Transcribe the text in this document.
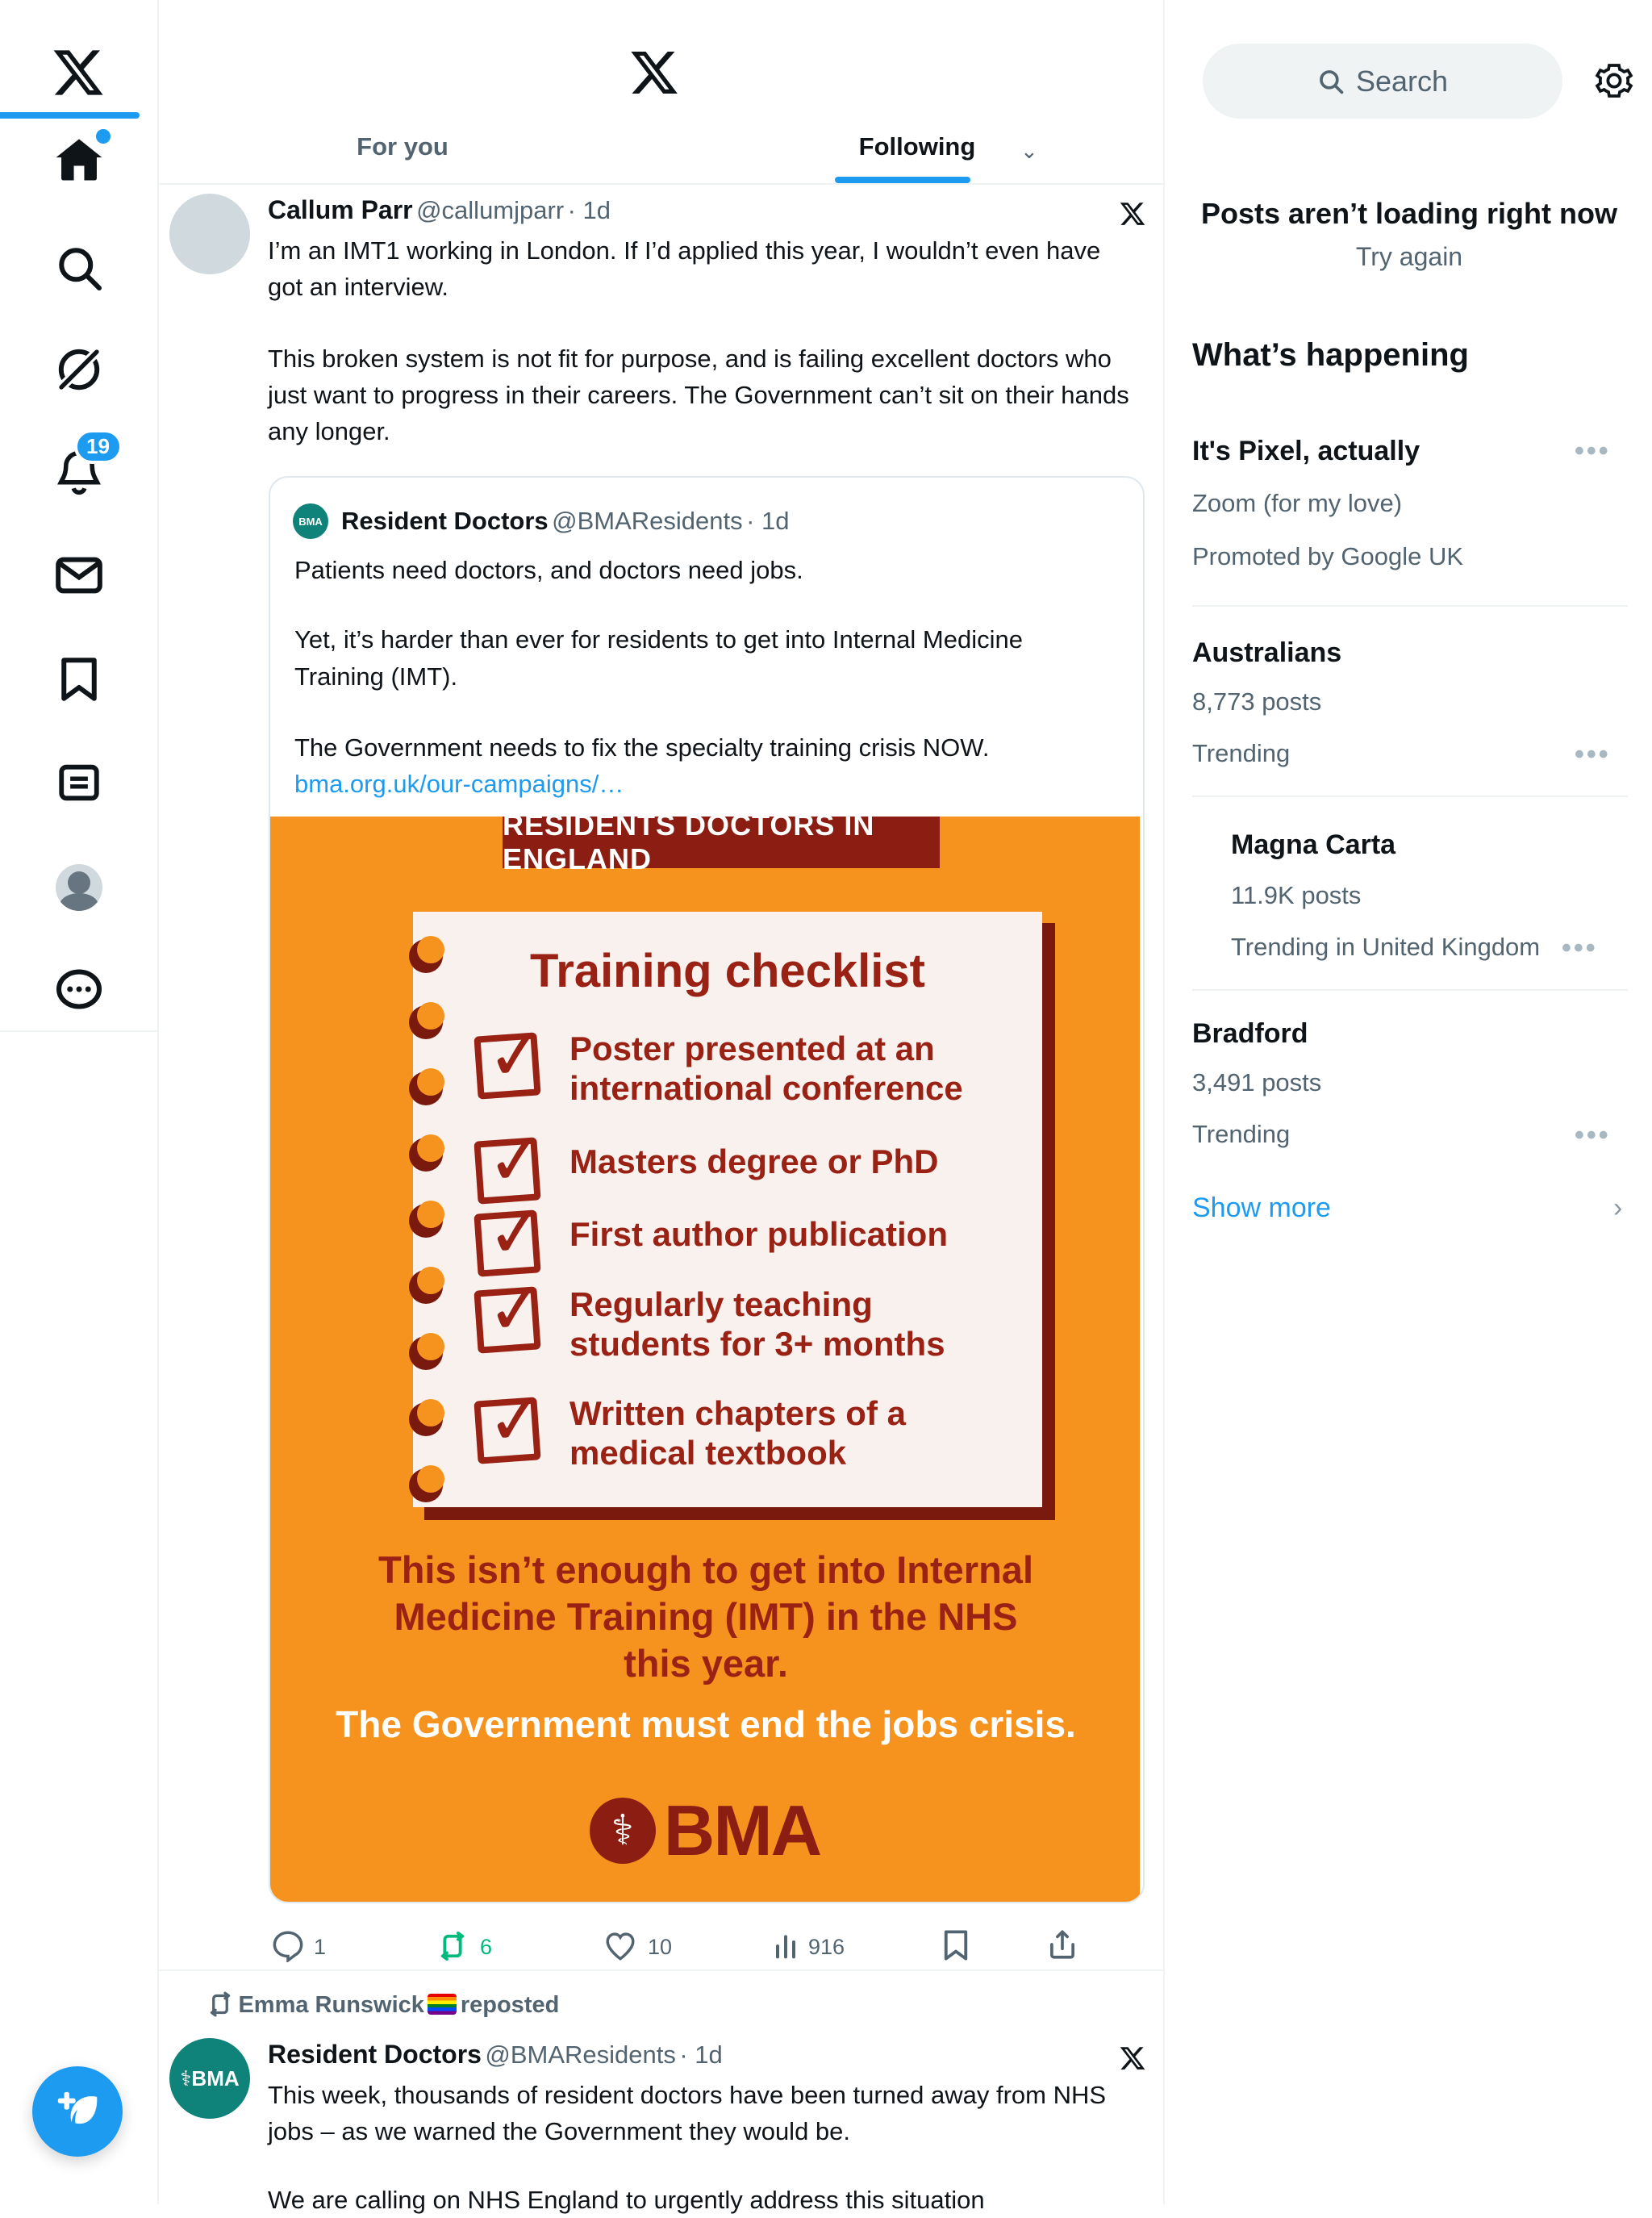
19
For you	Following	⌄
Callum Parr @callumjparr · 1d
I’m an IMT1 working in London. If I’d applied this year, I wouldn’t even have got an interview.
This broken system is not fit for purpose, and is failing excellent doctors who just want to progress in their careers. The Government can’t sit on their hands any longer.
BMA Resident Doctors @BMAResidents · 1d
Patients need doctors, and doctors need jobs.
Yet, it’s harder than ever for residents to get into Internal Medicine Training (IMT).
The Government needs to fix the specialty training crisis NOW.
bma.org.uk/our-campaigns/…
RESIDENTS DOCTORS IN ENGLAND
Training checklist
✓ Poster presented at an international conference
✓ Masters degree or PhD
✓ First author publication
✓ Regularly teaching students for 3+ months
✓ Written chapters of a medical textbook
This isn’t enough to get into Internal Medicine Training (IMT) in the NHS this year.
The Government must end the jobs crisis.
⚕ BMA
1	6	10	916
Emma Runswick reposted
⚕BMA
Resident Doctors @BMAResidents · 1d
This week, thousands of resident doctors have been turned away from NHS jobs – as we warned the Government they would be.
We are calling on NHS England to urgently address this situation
Search
Posts aren’t loading right now
Try again
What’s happening
It's Pixel, actually	•••
Zoom (for my love)
Promoted by Google UK
Australians
8,773 posts
Trending	•••
Magna Carta
11.9K posts
Trending in United Kingdom •••
Bradford
3,491 posts
Trending	•••
Show more	›
